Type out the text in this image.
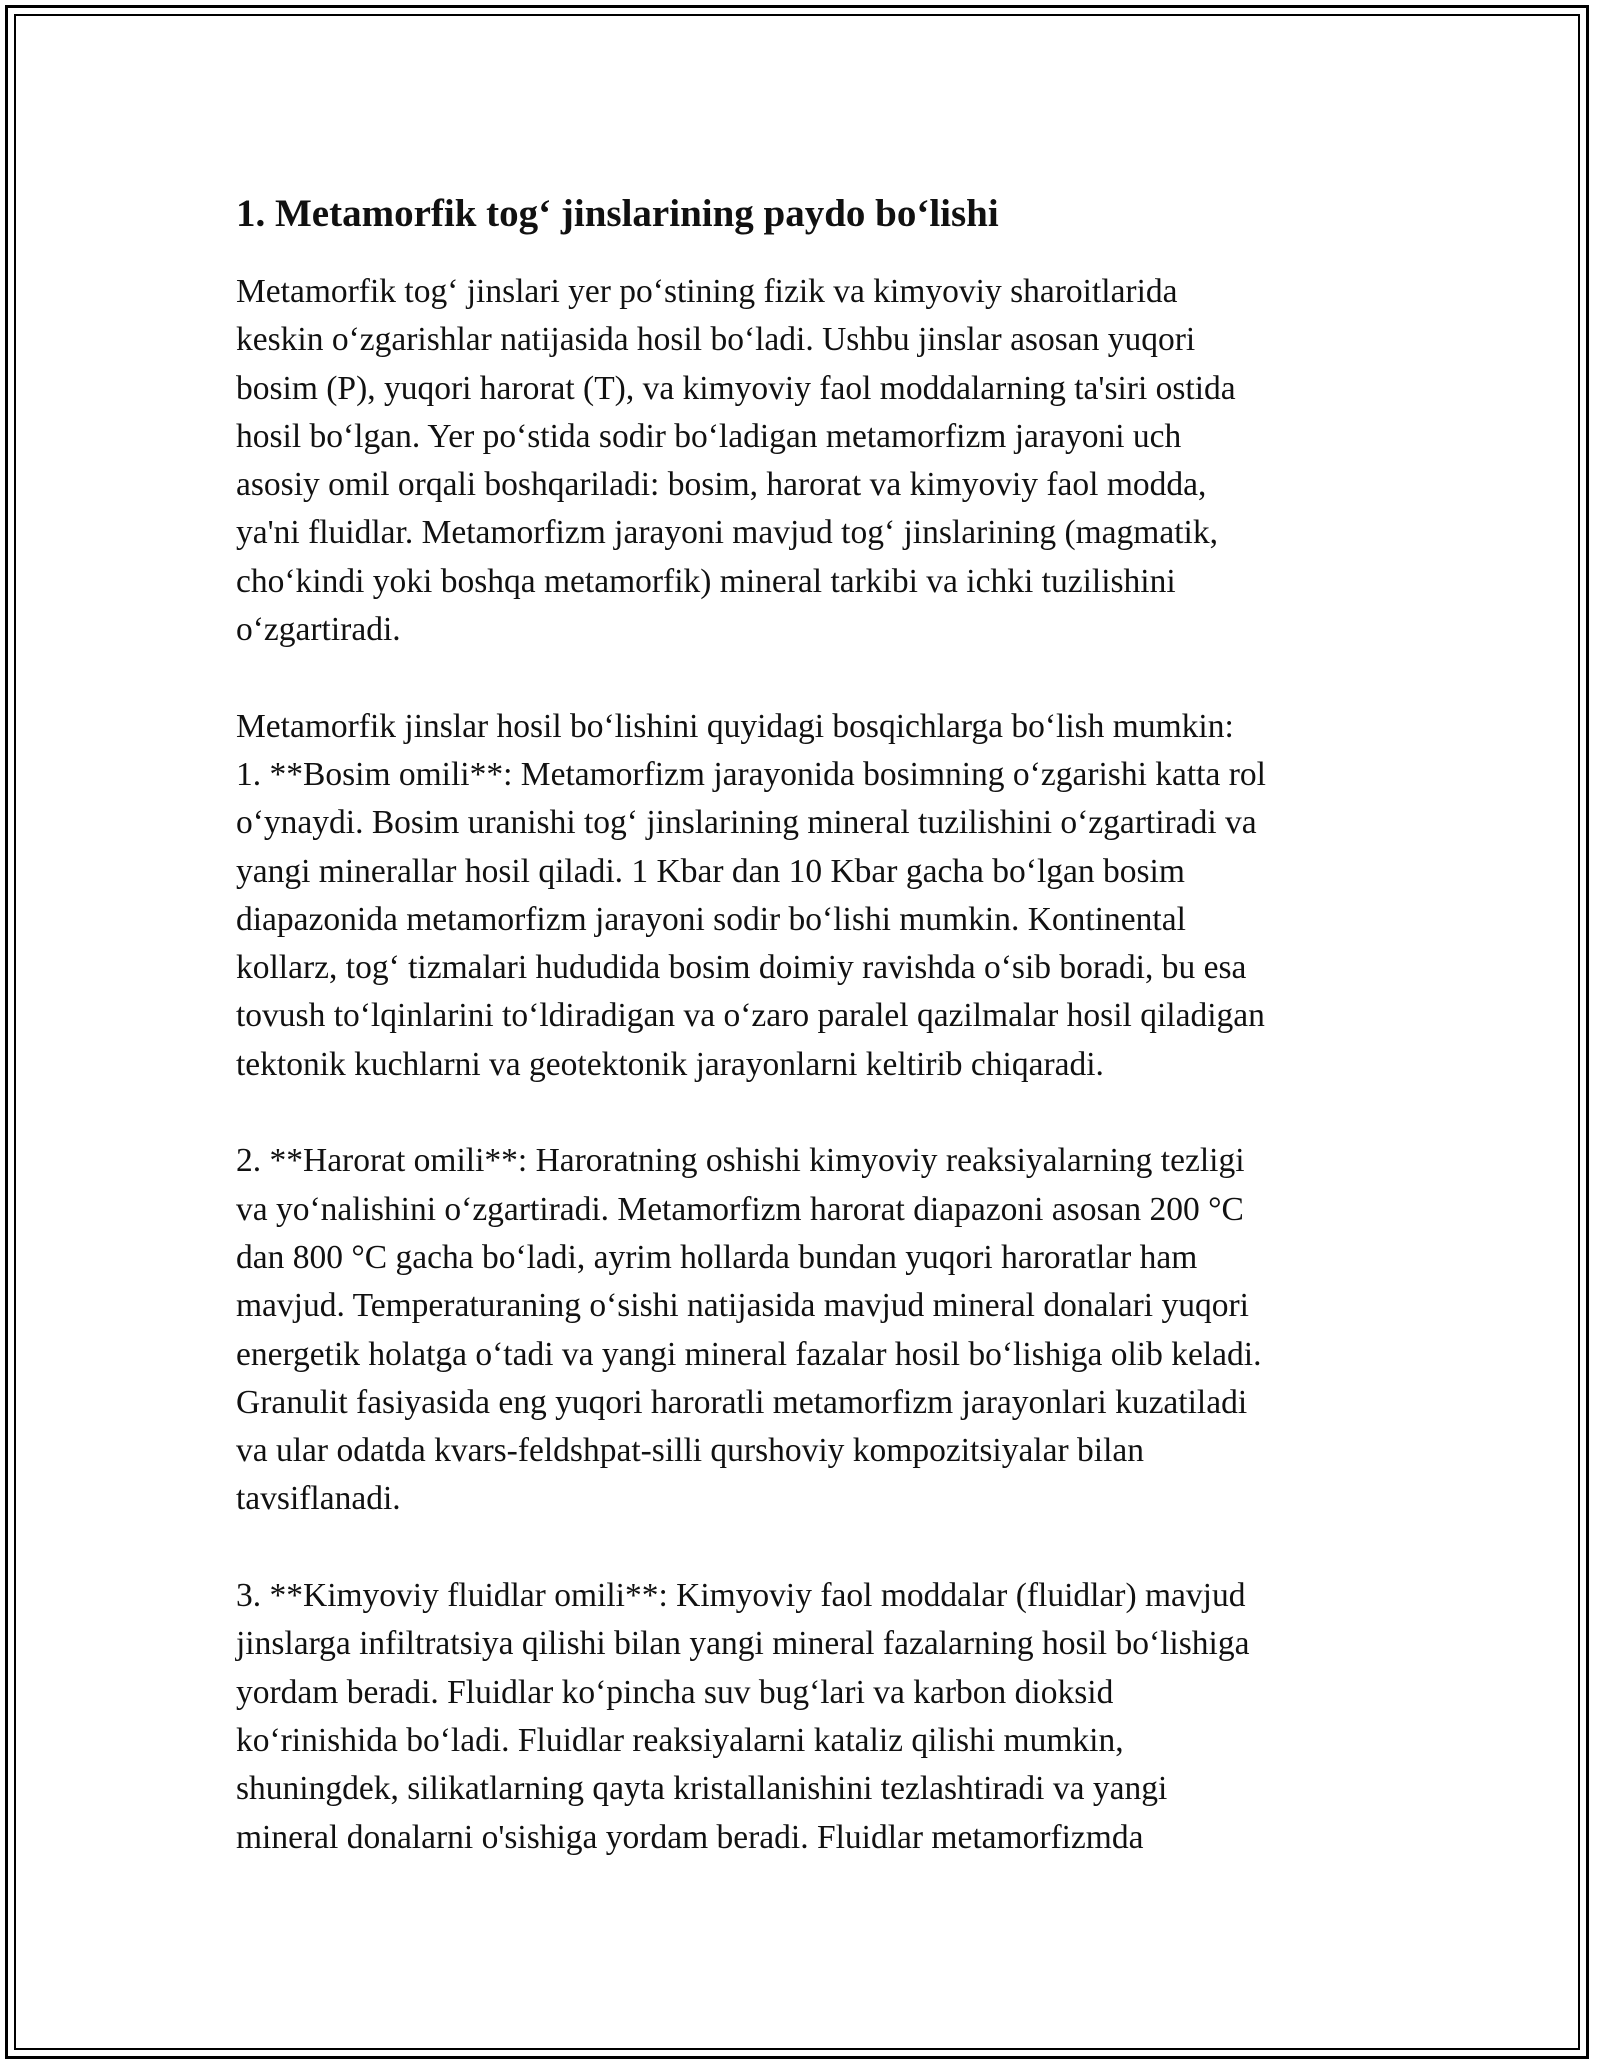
1. Metamorfik tog‘ jinslarining paydo bo‘lishi
Metamorfik tog‘ jinslari yer po‘stining fizik va kimyoviy sharoitlarida
keskin o‘zgarishlar natijasida hosil bo‘ladi. Ushbu jinslar asosan yuqori
bosim (P), yuqori harorat (T), va kimyoviy faol moddalarning ta'siri ostida
hosil bo‘lgan. Yer po‘stida sodir bo‘ladigan metamorfizm jarayoni uch
asosiy omil orqali boshqariladi: bosim, harorat va kimyoviy faol modda,
ya'ni fluidlar. Metamorfizm jarayoni mavjud tog‘ jinslarining (magmatik,
cho‘kindi yoki boshqa metamorfik) mineral tarkibi va ichki tuzilishini
o‘zgartiradi.
Metamorfik jinslar hosil bo‘lishini quyidagi bosqichlarga bo‘lish mumkin:
1. **Bosim omili**: Metamorfizm jarayonida bosimning o‘zgarishi katta rol
o‘ynaydi. Bosim uranishi tog‘ jinslarining mineral tuzilishini o‘zgartiradi va
yangi minerallar hosil qiladi. 1 Kbar dan 10 Kbar gacha bo‘lgan bosim
diapazonida metamorfizm jarayoni sodir bo‘lishi mumkin. Kontinental
kollarz, tog‘ tizmalari hududida bosim doimiy ravishda o‘sib boradi, bu esa
tovush to‘lqinlarini to‘ldiradigan va o‘zaro paralel qazilmalar hosil qiladigan
tektonik kuchlarni va geotektonik jarayonlarni keltirib chiqaradi.
2. **Harorat omili**: Haroratning oshishi kimyoviy reaksiyalarning tezligi
va yo‘nalishini o‘zgartiradi. Metamorfizm harorat diapazoni asosan 200 °C
dan 800 °C gacha bo‘ladi, ayrim hollarda bundan yuqori haroratlar ham
mavjud. Temperaturaning o‘sishi natijasida mavjud mineral donalari yuqori
energetik holatga o‘tadi va yangi mineral fazalar hosil bo‘lishiga olib keladi.
Granulit fasiyasida eng yuqori haroratli metamorfizm jarayonlari kuzatiladi
va ular odatda kvars-feldshpat-silli qurshoviy kompozitsiyalar bilan
tavsiflanadi.
3. **Kimyoviy fluidlar omili**: Kimyoviy faol moddalar (fluidlar) mavjud
jinslarga infiltratsiya qilishi bilan yangi mineral fazalarning hosil bo‘lishiga
yordam beradi. Fluidlar ko‘pincha suv bug‘lari va karbon dioksid
ko‘rinishida bo‘ladi. Fluidlar reaksiyalarni kataliz qilishi mumkin,
shuningdek, silikatlarning qayta kristallanishini tezlashtiradi va yangi
mineral donalarni o'sishiga yordam beradi. Fluidlar metamorfizmda
